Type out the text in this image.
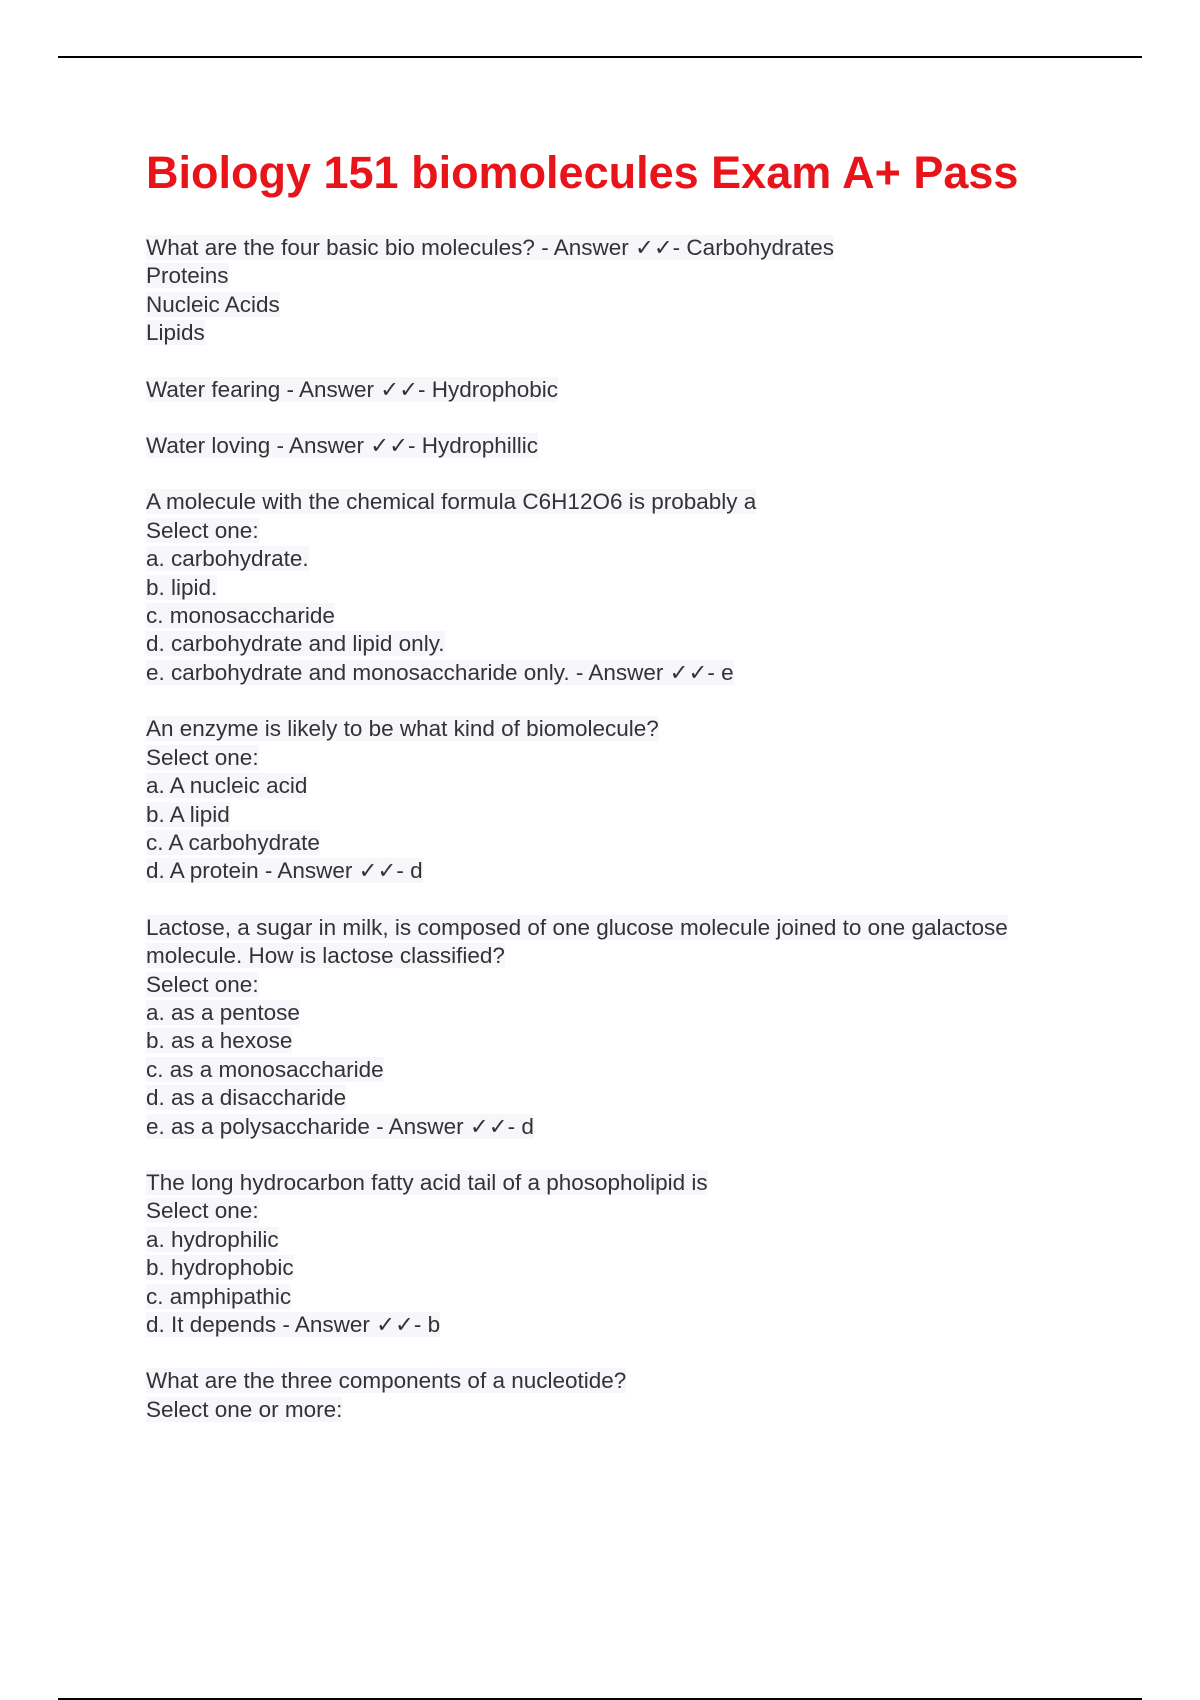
Biology 151 biomolecules Exam A+ Pass
What are the four basic bio molecules? - Answer ✓✓- Carbohydrates
Proteins
Nucleic Acids
Lipids
Water fearing - Answer ✓✓- Hydrophobic
Water loving - Answer ✓✓- Hydrophillic
A molecule with the chemical formula C6H12O6 is probably a
Select one:
a. carbohydrate.
b. lipid.
c. monosaccharide
d. carbohydrate and lipid only.
e. carbohydrate and monosaccharide only. - Answer ✓✓- e
An enzyme is likely to be what kind of biomolecule?
Select one:
a. A nucleic acid
b. A lipid
c. A carbohydrate
d. A protein - Answer ✓✓- d
Lactose, a sugar in milk, is composed of one glucose molecule joined to one galactose
molecule. How is lactose classified?
Select one:
a. as a pentose
b. as a hexose
c. as a monosaccharide
d. as a disaccharide
e. as a polysaccharide - Answer ✓✓- d
The long hydrocarbon fatty acid tail of a phosopholipid is
Select one:
a. hydrophilic
b. hydrophobic
c. amphipathic
d. It depends - Answer ✓✓- b
What are the three components of a nucleotide?
Select one or more:
